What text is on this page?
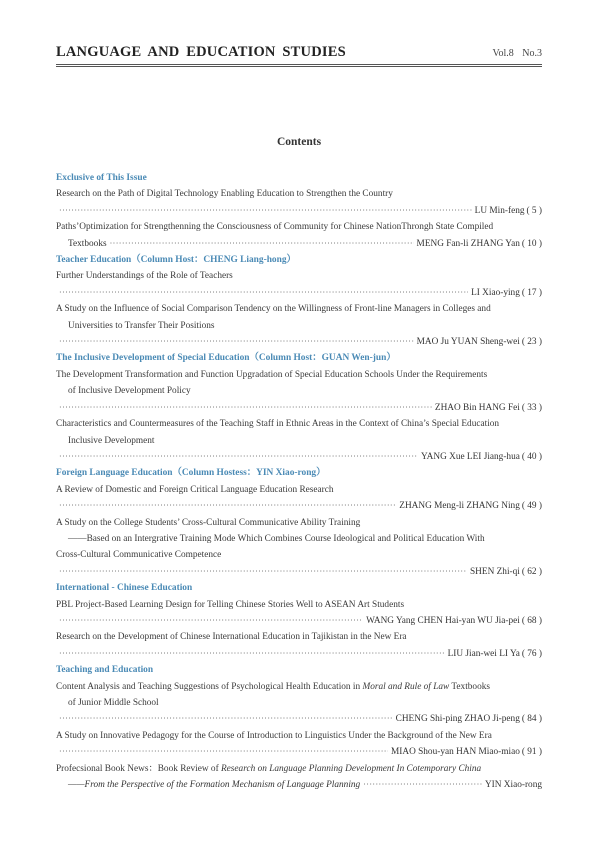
LANGUAGE AND EDUCATION STUDIES	Vol.8 No.3
Contents
Exclusive of This Issue
Research on the Path of Digital Technology Enabling Education to Strengthen the Country
·····
LU Min-feng ( 5 )
Paths’Optimization for Strengthenning the Consciousness of Community for Chinese NationThrongh State Compiled
Textbooks ·····	MENG Fan-li ZHANG Yan ( 10 )
Teacher Education（Column Host：CHENG Liang-hong）
Further Understandings of the Role of Teachers
·····
LI Xiao-ying ( 17 )
A Study on the Influence of Social Comparison Tendency on the Willingness of Front-line Managers in Colleges and
Universities to Transfer Their Positions
·····
MAO Ju YUAN Sheng-wei ( 23 )
The Inclusive Development of Special Education（Column Host：GUAN Wen-jun）
The Development Transformation and Function Upgradation of Special Education Schools Under the Requirements
of Inclusive Development Policy
·····
ZHAO Bin HANG Fei ( 33 )
Characteristics and Countermeasures of the Teaching Staff in Ethnic Areas in the Context of China’s Special Education
Inclusive Development
·····
YANG Xue LEI Jiang-hua ( 40 )
Foreign Language Education（Column Hostess：YIN Xiao-rong）
A Review of Domestic and Foreign Critical Language Education Research
·····
ZHANG Meng-li ZHANG Ning ( 49 )
A Study on the College Students’ Cross-Cultural Communicative Ability Training
——Based on an Intergrative Training Mode Which Combines Course Ideological and Political Education With
Cross-Cultural Communicative Competence
·····
SHEN Zhi-qi ( 62 )
International - Chinese Education
PBL Project-Based Learning Design for Telling Chinese Stories Well to ASEAN Art Students
·····
WANG Yang CHEN Hai-yan WU Jia-pei ( 68 )
Research on the Development of Chinese International Education in Tajikistan in the New Era
·····
LIU Jian-wei LI Ya ( 76 )
Teaching and Education
Content Analysis and Teaching Suggestions of Psychological Health Education in Moral and Rule of Law Textbooks
of Junior Middle School
·····
CHENG Shi-ping ZHAO Ji-peng ( 84 )
A Study on Innovative Pedagogy for the Course of Introduction to Linguistics Under the Background of the New Era
·····
MIAO Shou-yan HAN Miao-miao ( 91 )
Profecsional Book News：Book Review of Research on Language Planning Development In Cotemporary China
——From the Perspective of the Formation Mechanism of Language Planning ·····	YIN Xiao-rong
